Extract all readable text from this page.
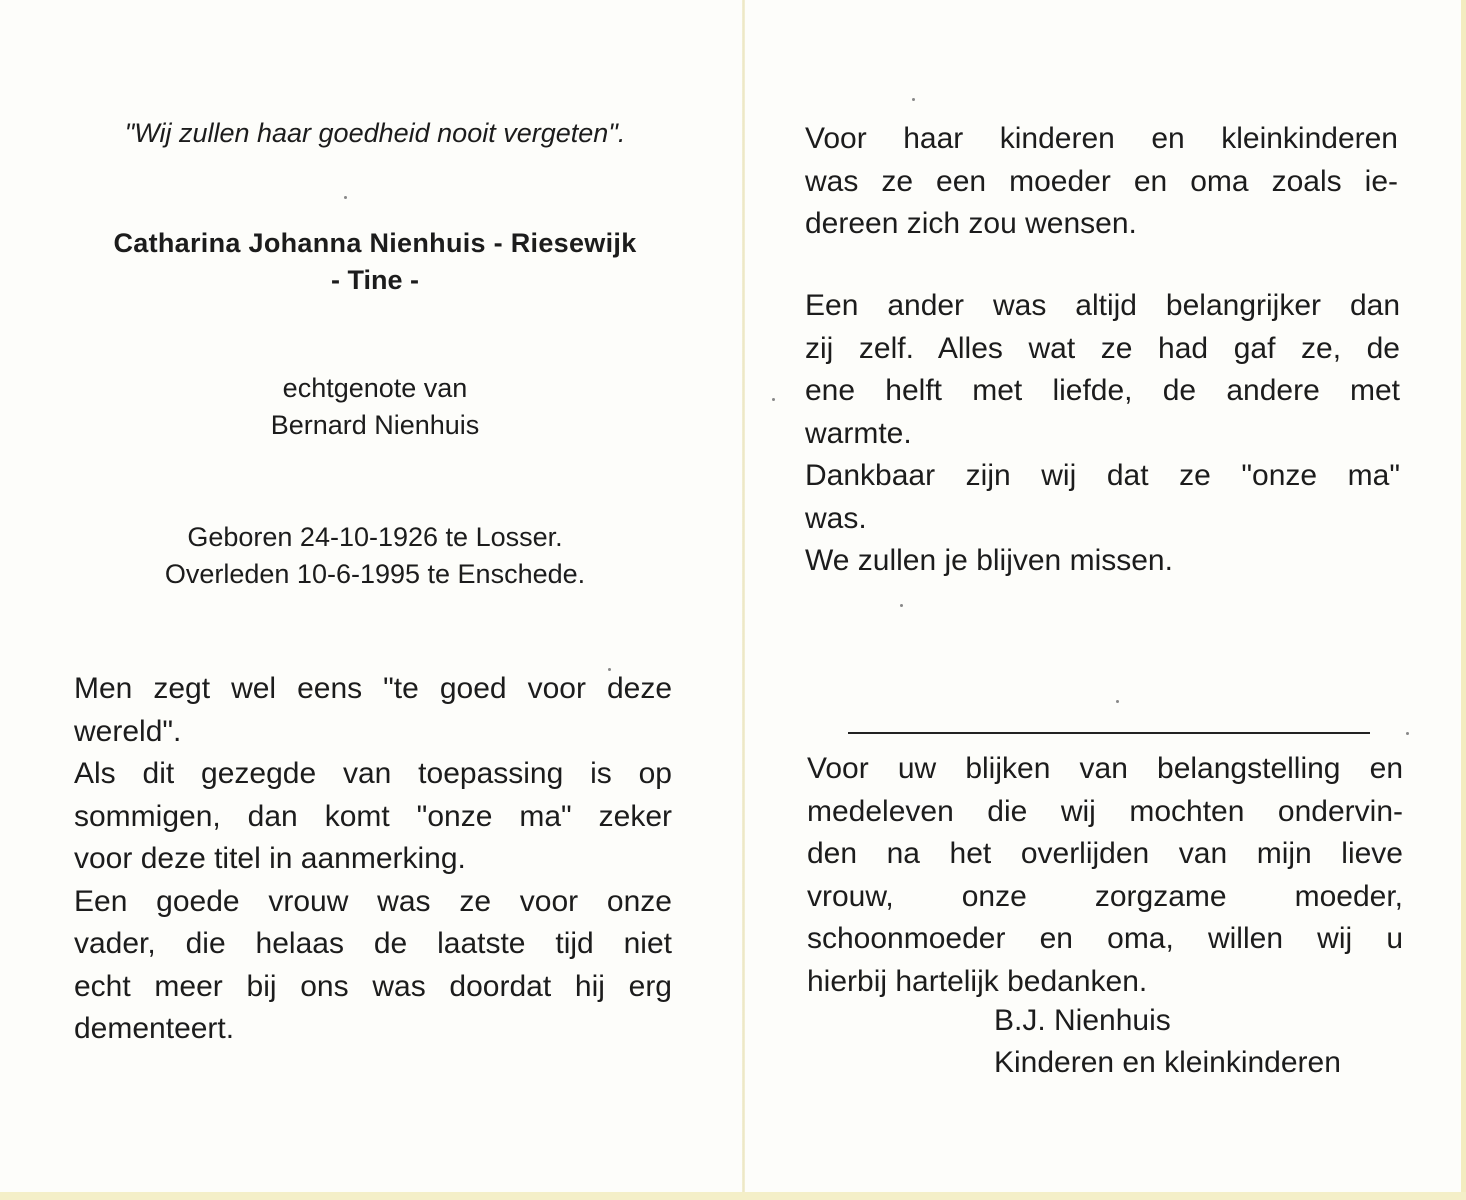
"Wij zullen haar goedheid nooit vergeten".
Catharina Johanna Nienhuis - Riesewijk
- Tine -
echtgenote van
Bernard Nienhuis
Geboren 24-10-1926 te Losser.
Overleden 10-6-1995 te Enschede.
Men zegt wel eens "te goed voor deze
wereld".
Als dit gezegde van toepassing is op
sommigen, dan komt "onze ma" zeker
voor deze titel in aanmerking.
Een goede vrouw was ze voor onze
vader, die helaas de laatste tijd niet
echt meer bij ons was doordat hij erg
dementeert.
Voor haar kinderen en kleinkinderen
was ze een moeder en oma zoals ie-
dereen zich zou wensen.
Een ander was altijd belangrijker dan
zij zelf. Alles wat ze had gaf ze, de
ene helft met liefde, de andere met
warmte.
Dankbaar zijn wij dat ze "onze ma"
was.
We zullen je blijven missen.
Voor uw blijken van belangstelling en
medeleven die wij mochten ondervin-
den na het overlijden van mijn lieve
vrouw, onze zorgzame moeder,
schoonmoeder en oma, willen wij u
hierbij hartelijk bedanken.
B.J. Nienhuis
Kinderen en kleinkinderen
